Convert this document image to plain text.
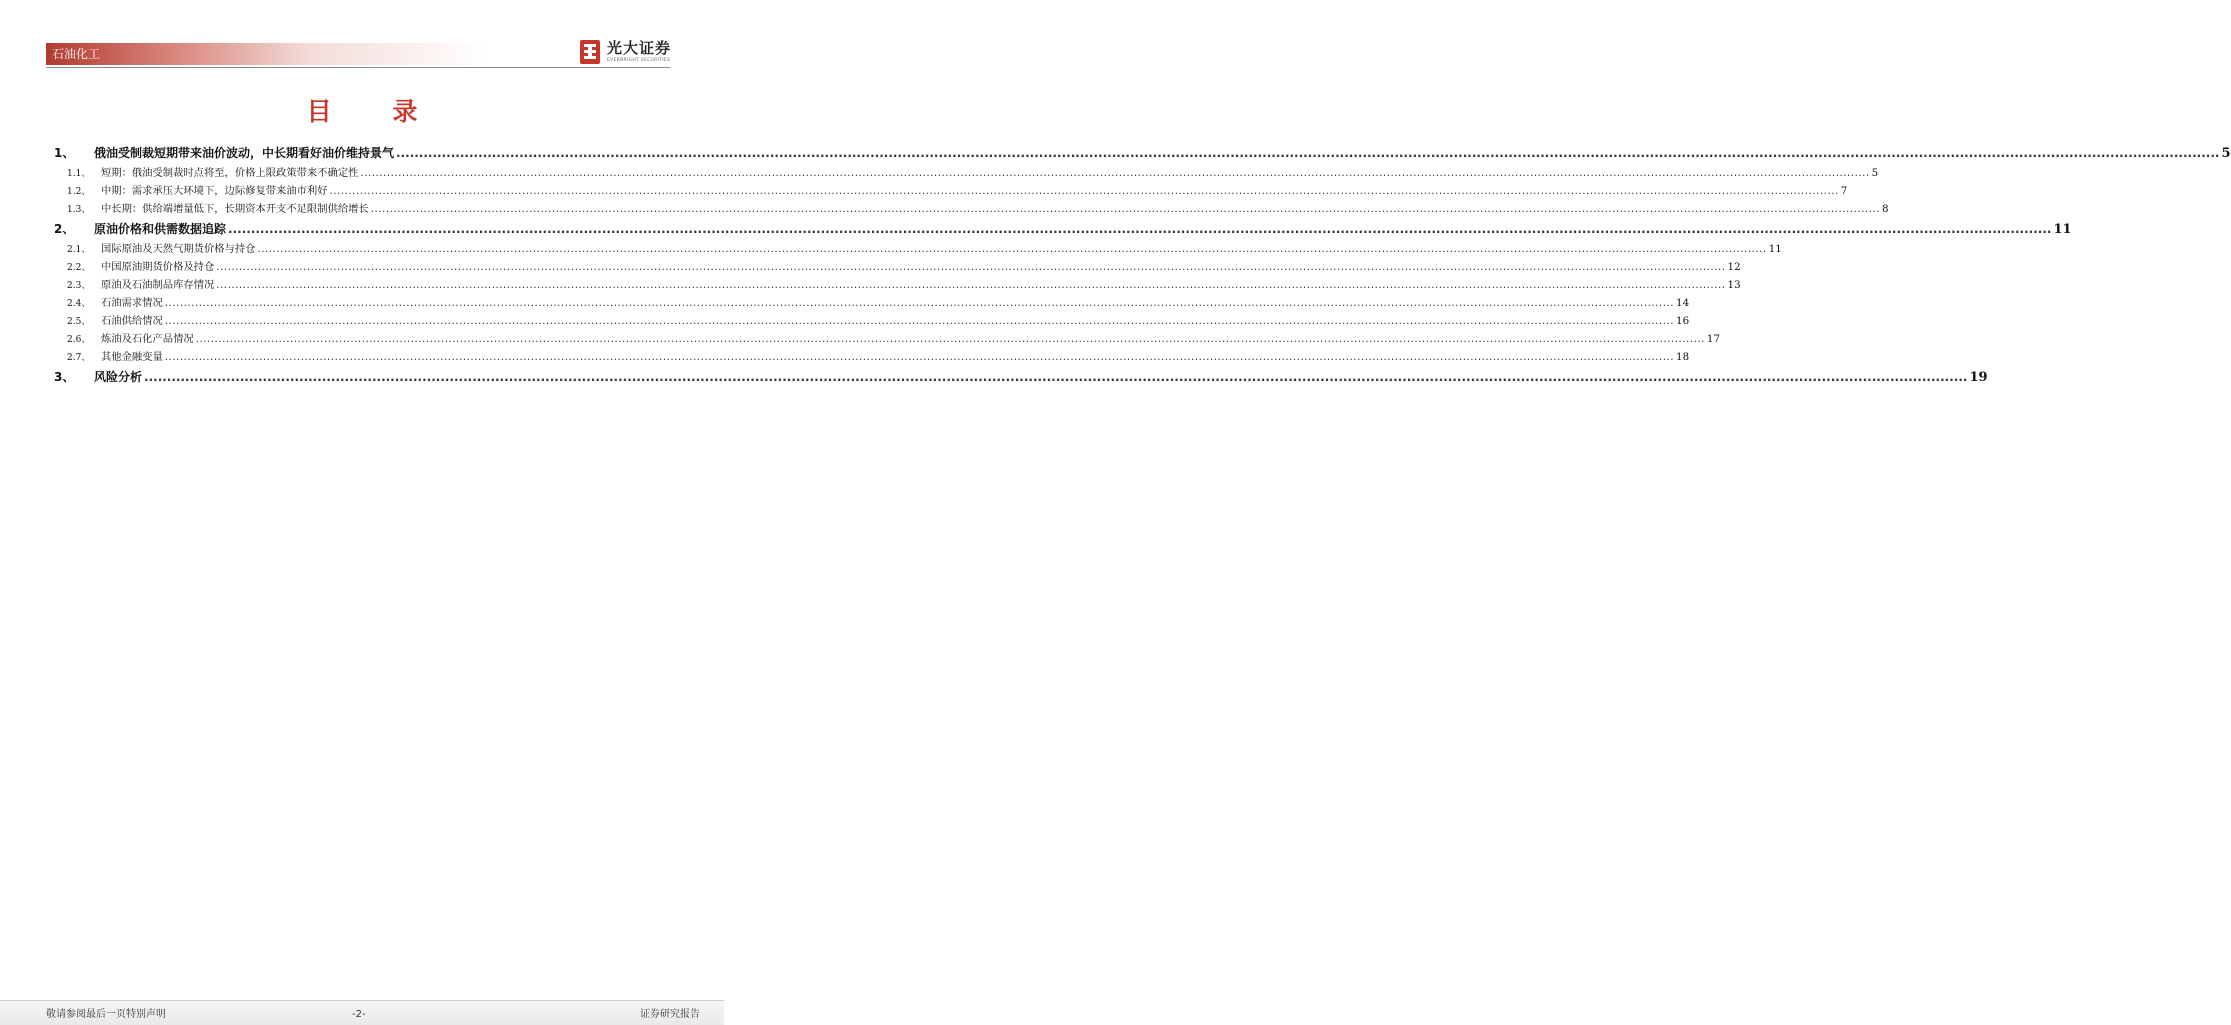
石油化工	光大证券
EVERBRIGHT SECURITIES
目 录
1、	俄油受制裁短期带来油价波动，中长期看好油价维持景气 ................................................................................................................................................................................................................................................................................................................................................................................................................ 5
1.1、	短期：俄油受制裁时点将至，价格上限政策带来不确定性 ................................................................................................................................................................................................................................................................................................................................................................................................................ 5
1.2、	中期：需求承压大环境下，边际修复带来油市利好 ................................................................................................................................................................................................................................................................................................................................................................................................................ 7
1.3、	中长期：供给端增量低下，长期资本开支不足限制供给增长 ................................................................................................................................................................................................................................................................................................................................................................................................................ 8
2、	原油价格和供需数据追踪 ................................................................................................................................................................................................................................................................................................................................................................................................................ 11
2.1、	国际原油及天然气期货价格与持仓 ................................................................................................................................................................................................................................................................................................................................................................................................................ 11
2.2、	中国原油期货价格及持仓 ................................................................................................................................................................................................................................................................................................................................................................................................................ 12
2.3、	原油及石油制品库存情况 ................................................................................................................................................................................................................................................................................................................................................................................................................ 13
2.4、	石油需求情况 ................................................................................................................................................................................................................................................................................................................................................................................................................ 14
2.5、	石油供给情况 ................................................................................................................................................................................................................................................................................................................................................................................................................ 16
2.6、	炼油及石化产品情况 ................................................................................................................................................................................................................................................................................................................................................................................................................ 17
2.7、	其他金融变量 ................................................................................................................................................................................................................................................................................................................................................................................................................ 18
3、	风险分析 ................................................................................................................................................................................................................................................................................................................................................................................................................ 19
敬请参阅最后一页特别声明	-2-	证券研究报告
